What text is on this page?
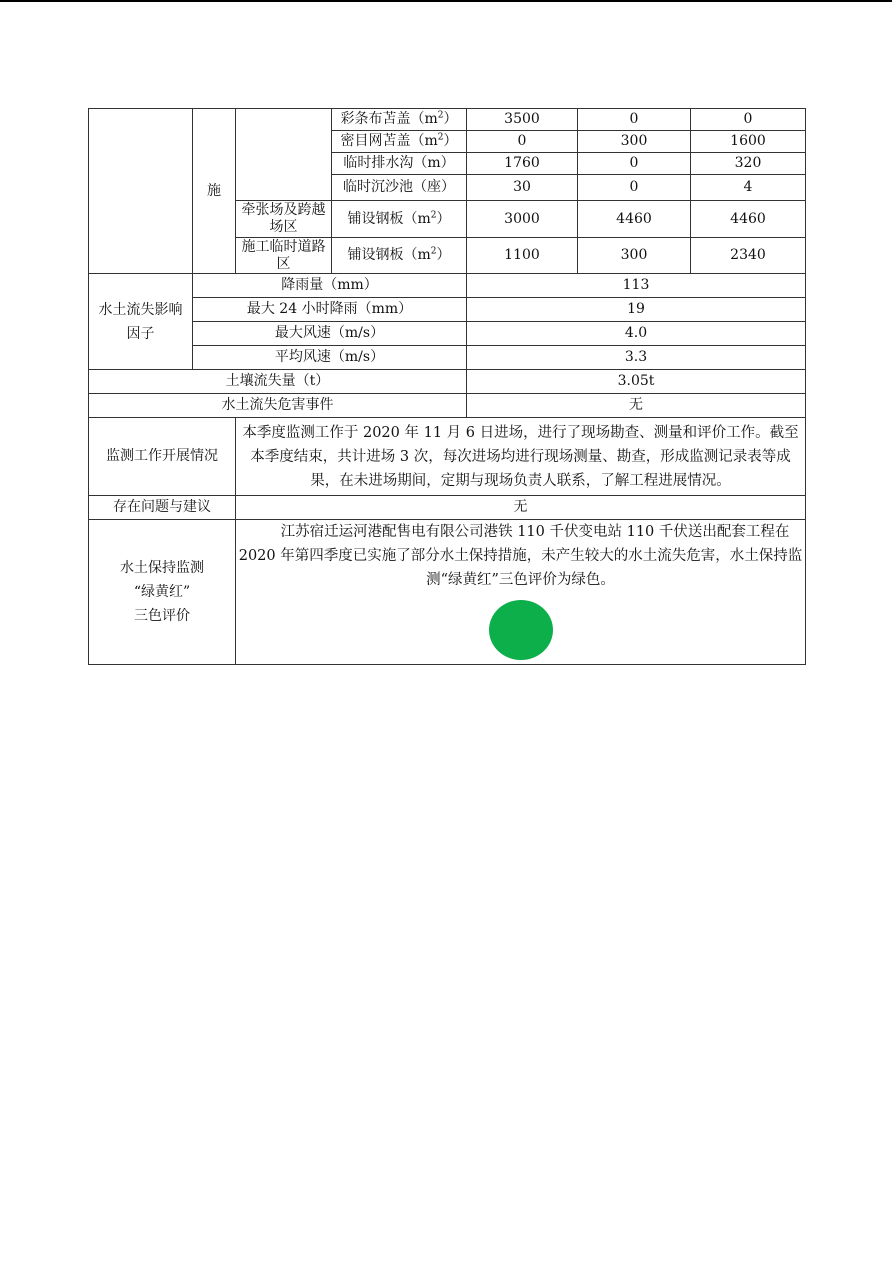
	施		彩条布苫盖$(m^2)$	3500	0	0
			密目网苫盖$(m^2)$	0	300	1600
			临时排水沟（m）	1760	0	320
			临时沉沙池（座）	30	0	4
		牵张场及跨越场区	铺设钢板$(m^2)$	3000	4460	4460
		施工临时道路区	铺设钢板$(m^2)$	1100	300	2340
水土流失影响因子	降雨量（mm）			113		
	最大 24 小时降雨（mm）			19		
	最大风速（m/s）			4.0		
	平均风速（m/s）			3.3		
土壤流失量（t）				3.05t		
水土流失危害事件				无		
监测工作开展情况		本季度监测工作于 2020 年 11 月 6 日进场，进行了现场勘查、测量和评价工作。截至本季度结束，共计进场 3 次，每次进场均进行现场测量、勘查，形成监测记录表等成果，在未进场期间，定期与现场负责人联系，了解工程进展情况。				
存在问题与建议		无				

水土保持监测
“绿黄红”
三色评价		江苏宿迁运河港配售电有限公司港铁 110 千伏变电站 110 千伏送出配套工程在 2020 年第四季度已实施了部分水土保持措施，未产生较大的水土流失危害，水土保持监测“绿黄红”三色评价为绿色。				
